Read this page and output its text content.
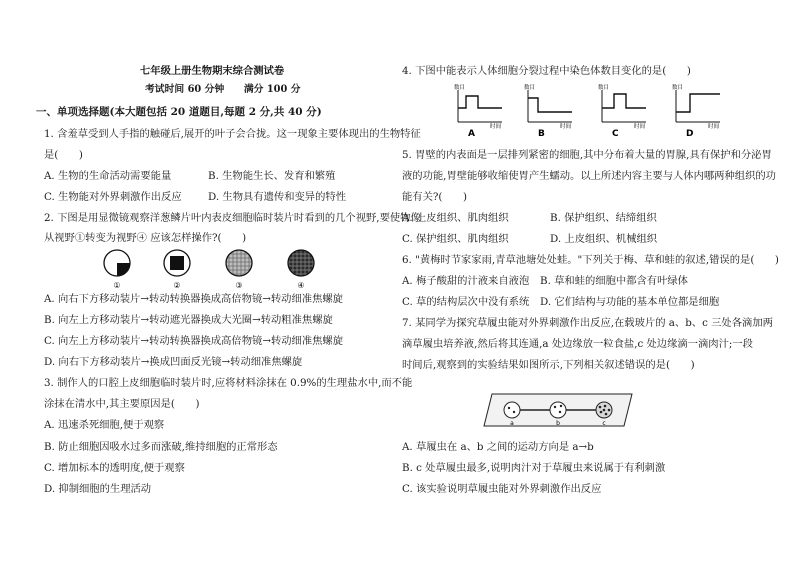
七年级上册生物期末综合测试卷
考试时间 60 分钟　　满分 100 分
一、单项选择题(本大题包括 20 道题目,每题 2 分,共 40 分)
1. 含羞草受到人手指的触碰后,展开的叶子会合拢。这一现象主要体现出的生物特征
是(　　)
A. 生物的生命活动需要能量	B. 生物能生长、发育和繁殖
C. 生物能对外界刺激作出反应	D. 生物具有遗传和变异的特性
2. 下图是用显微镜观察洋葱鳞片叶内表皮细胞临时装片时看到的几个视野,要使物像
从视野①转变为视野④ 应该怎样操作?(　　)
①	②	③	④
A. 向右下方移动装片→转动转换器换成高倍物镜→转动细准焦螺旋
B. 向左上方移动装片→转动遮光器换成大光圈→转动粗准焦螺旋
C. 向左上方移动装片→转动转换器换成高倍物镜→转动细准焦螺旋
D. 向右下方移动装片→换成凹面反光镜→转动细准焦螺旋
3. 制作人的口腔上皮细胞临时装片时,应将材料涂抹在 0.9%的生理盐水中,而不能
涂抹在清水中,其主要原因是(　　)
A. 迅速杀死细胞,便于观察
B. 防止细胞因吸水过多而涨破,维持细胞的正常形态
C. 增加标本的透明度,便于观察
D. 抑制细胞的生理活动
4. 下图中能表示人体细胞分裂过程中染色体数目变化的是(　　)
数目	数目	数目	数目
时间	时间	时间	时间
A	B	C	D
5. 胃壁的内表面是一层排列紧密的细胞,其中分布着大量的胃腺,具有保护和分泌胃
液的功能,胃壁能够收缩使胃产生蠕动。以上所述内容主要与人体内哪两种组织的功
能有关?(　　)
A. 上皮组织、肌肉组织	B. 保护组织、结缔组织
C. 保护组织、肌肉组织	D. 上皮组织、机械组织
6. "黄梅时节家家雨,青草池塘处处蛙。"下列关于梅、草和蛙的叙述,错误的是(　　)
A. 梅子酸甜的汁液来自液泡 B. 草和蛙的细胞中都含有叶绿体
C. 草的结构层次中没有系统 D. 它们结构与功能的基本单位都是细胞
7. 某同学为探究草履虫能对外界刺激作出反应,在载玻片的 a、b、c 三处各滴加两
滴草履虫培养液,然后将其连通,a 处边缘放一粒食盐,c 处边缘滴一滴肉汁;一段
时间后,观察到的实验结果如图所示,下列相关叙述错误的是(　　)
a	b	c
A. 草履虫在 a、b 之间的运动方向是 a→b
B. c 处草履虫最多,说明肉汁对于草履虫来说属于有利刺激
C. 该实验说明草履虫能对外界刺激作出反应
